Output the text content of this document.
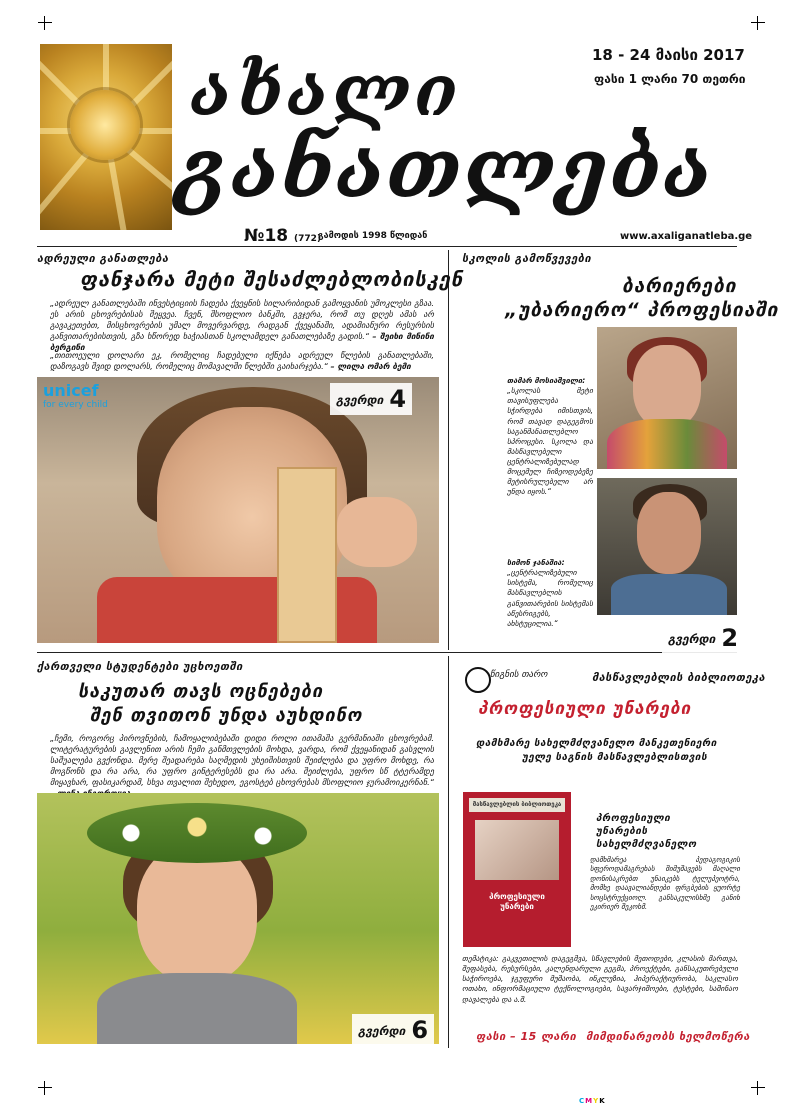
ახალი
განათლება
18 - 24 მაისი 2017
ფასი 1 ლარი 70 თეთრი
№18 (772)
გამოდის 1998 წლიდან	www.axaliganatleba.ge
ადრეული განათლება
ფანჯარა მეტი შესაძლებლობისკენ
„ადრეულ განათლებაში ინვესტიციის ჩადება ქვეყნის სილარიბიდან გამოყვანის უმოკლესი გზაა. ეს არის ცხოვრებისას შეყვეა. ჩვენ, შსოფლიო ბანკში, გვჯერა, რომ თუ დღეს ამას არ გავაკეთებთ, მისცხოვრების უმალ მოვერვარდე, რადგან ქვეყანაში, ადამიანური რესურსის განვითარებისთვის, გზა ხწორედ ხაჭიასთან სკოლამდელ განათლებაზე გადის.“ – შეიხი მინინი ბერგინი
„თითოეული დოლარი ეკ, რომელიც ჩადებული იქნება ადრეულ წლების განათლებაში, დაზოგავს შვიდ დოლარს, რომელიც მომავალში წლებში გაიხარჯება.“ – ლილა ომარ ბემი
unicef
for every child	გვერდი 4
სკოლის გამოწვევები
ბარიერები
„უბარიერო“ პროფესიაში
თამარ მოსიაშვილი:
„სკოლას მეტი თავისუფლება სჭირდება იმისთვის, რომ თავად დაგეგმოს საგანმანათლებლო სპროცესი. სკოლა და მასწავლებელი ცენტრალიზებულად მოცემულ ჩიზეოდებეზე მეტისრულებელი არ უნდა იყოს.“
სიმონ ჯანაშია:
„ცენტრალიზებული სისტემა, რომელიც მასწავლებლის განვითარების სისტემას აწესრიგებს, ახსტუცილია.“
გვერდი 2
ქართველი სტუდენტები უცხოეთში
საკუთარ თავს ოცნებები
შენ თვითონ უნდა აუხდინო
„ჩემი, როგორც პიროვნების, ჩამოყალიბებაში დიდი როლი ითამაშა გერმანიაში ცხოვრებამ. ლიტერატურების გავლენით არის ჩემი განმთვლების მოხდა, ვარდა, რომ ქვეყანიდან გასვლის საშუალება გვქონდა. მერე შეადარება საღმედის უხეიშისთვის შეიძლება და უფრო მოხდე, რა მოგწონს და რა არა, რა უფრო გინტერესებს და რა არა. შეიძლება, უფრო სწ ტტერამდე მიყავხარ, ფასიკარდამ, სხვა თვალით შეხედო, ეგოსტებ ცხოვრებას მსოფლიო ჯურამოიკერნან.“
გვერდი 6
წიგნის თარო	მასწავლებლის ბიბლიოთეკა
პროფესიული უნარები
დამხმარე სახელმძღვანელო მანკეთენიერი
უელე საგნის მასწავლებლისთვის
მასწავლებლის ბიბლიოთეკა
პროფესიული უნარები
პროფესიული
უნარების
სახელმძღვანელო
დამხმარეა პედაგოგიკის სფეროდამაგრეხას შიმუშავებს მაღალი დონისაკრებთ უნაიკებს ტელუპეოტრა, მომხე დაავალიანდები ფრგბების ყუორტე სოცსტრუქციოლ. განსაკულისხმე განიხ ეკირიერ შეკოხმ.
თემატიკა: გაკვეთილის დაგეგმვა, სწავლების მეთოდები, კლასის მართვა, შეფასება, რესურსები, კალენდარული გეგმა, პროექტები, განსაკუთრებული საჭიროება, ჯგუფური მუშაობა, ინკლუზია, ჰიპერაქტიურობა, საკლასო ოთახი, ინფორმაციული ტექნოლოგიები, სავარჯიშოები, ტესტები, საშინაო დავალება და ა.შ.
ფასი – 15 ლარი მიმდინარეობს ხელმოწერა
CMYK
